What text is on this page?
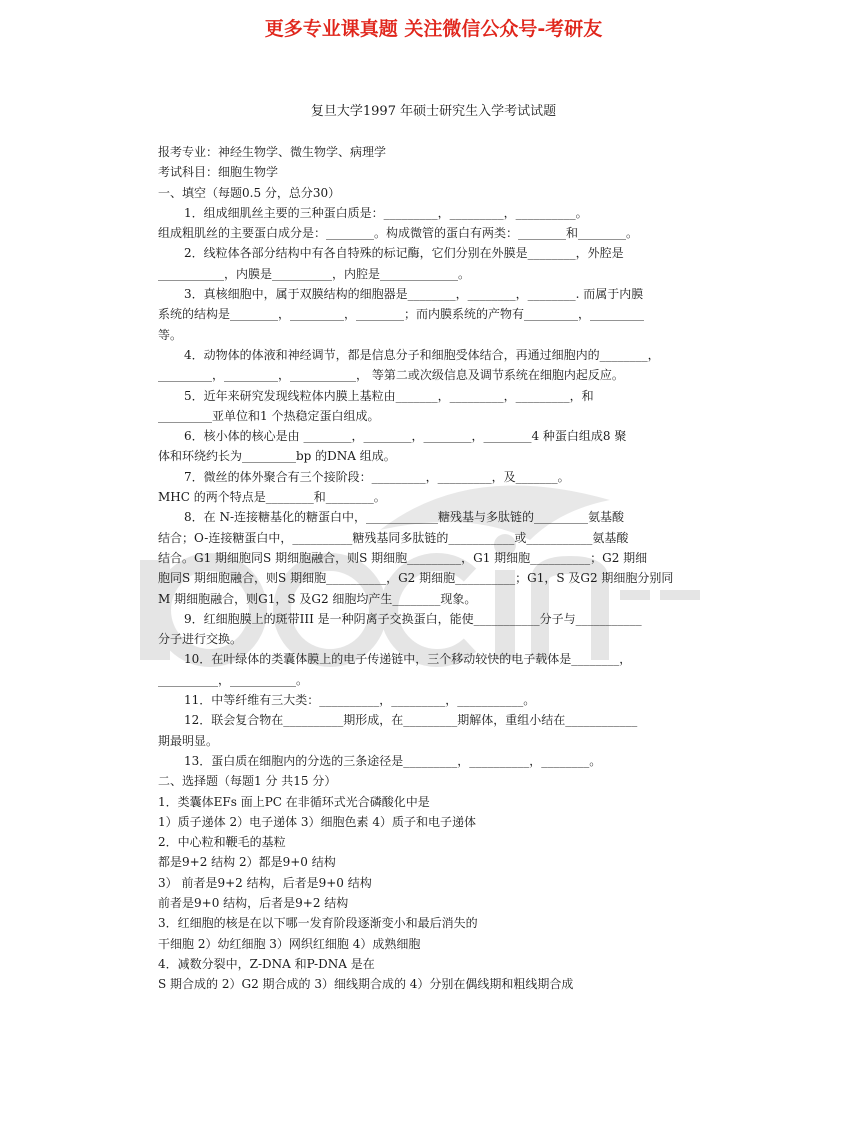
更多专业课真题 关注微信公众号-考研友
复旦大学1997 年硕士研究生入学考试试题
报考专业：神经生物学、微生物学、病理学
考试科目：细胞生物学
一、填空（每题0.5 分，总分30）
1．组成细肌丝主要的三种蛋白质是：_________，_________，__________。
组成粗肌丝的主要蛋白成分是：________。构成微管的蛋白有两类：________和________。
2．线粒体各部分结构中有各自特殊的标记酶，它们分别在外膜是________，外腔是
___________，内膜是__________，内腔是_____________。
3．真核细胞中，属于双膜结构的细胞器是________，________，________. 而属于内膜
系统的结构是________，_________，________；而内膜系统的产物有_________，_________
等。
4．动物体的体液和神经调节，都是信息分子和细胞受体结合，再通过细胞内的________，
_________，_________，___________， 等第二或次级信息及调节系统在细胞内起反应。
5．近年来研究发现线粒体内膜上基粒由_______，_________，_________，和
_________亚单位和1 个热稳定蛋白组成。
6．核小体的核心是由 ________，________，________，________4 种蛋白组成8 聚
体和环绕约长为_________bp 的DNA 组成。
7．微丝的体外聚合有三个接阶段：_________，_________，及_______。
MHC 的两个特点是________和________。
8．在 N-连接糖基化的糖蛋白中，____________糖残基与多肽链的_________氨基酸
结合；O-连接糖蛋白中，__________糖残基同多肽链的___________或___________氨基酸
结合。G1 期细胞同S 期细胞融合，则S 期细胞_________，G1 期细胞__________；G2 期细
胞同S 期细胞融合，则S 期细胞__________，G2 期细胞__________；G1，S 及G2 期细胞分别同
M 期细胞融合，则G1，S 及G2 细胞均产生________现象。
9．红细胞膜上的斑带III 是一种阴离子交换蛋白，能使___________分子与___________
分子进行交换。
10．在叶绿体的类囊体膜上的电子传递链中，三个移动较快的电子载体是________，
__________，___________。
11．中等纤维有三大类：__________，_________，___________。
12．联会复合物在__________期形成，在_________期解体，重组小结在____________
期最明显。
13．蛋白质在细胞内的分选的三条途径是_________，__________，________。
二、选择题（每题1 分 共15 分）
1．类囊体EFs 面上PC 在非循环式光合磷酸化中是
1）质子递体 2）电子递体 3）细胞色素 4）质子和电子递体
2．中心粒和鞭毛的基粒
都是9+2 结构 2）都是9+0 结构
3） 前者是9+2 结构，后者是9+0 结构
前者是9+0 结构，后者是9+2 结构
3．红细胞的核是在以下哪一发育阶段逐渐变小和最后消失的
干细胞 2）幼红细胞 3）网织红细胞 4）成熟细胞
4．减数分裂中，Z-DNA 和P-DNA 是在
S 期合成的 2）G2 期合成的 3）细线期合成的 4）分别在偶线期和粗线期合成
